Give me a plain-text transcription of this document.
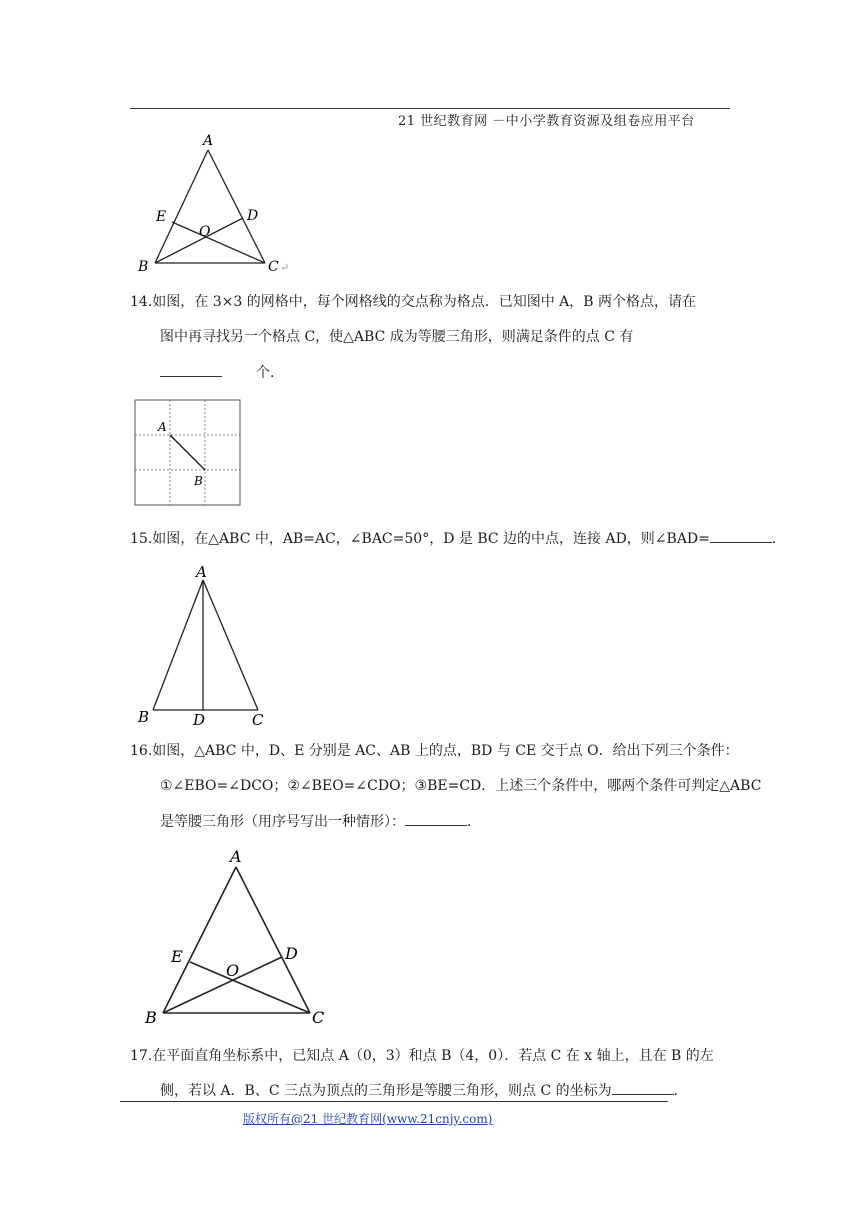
21 世纪教育网 －中小学教育资源及组卷应用平台
A
B	C
D
E
O
↵
14.如图，在 3×3 的网格中，每个网格线的交点称为格点．已知图中 A，B 两个格点，请在
图中再寻找另一个格点 C，使△ABC 成为等腰三角形，则满足条件的点 C 有
个．
A
B
15.如图，在△ABC 中，AB=AC，∠BAC=50°，D 是 BC 边的中点，连接 AD，则∠BAD=	．
A
B	D	C
16.如图，△ABC 中，D、E 分别是 AC、AB 上的点，BD 与 CE 交于点 O．给出下列三个条件：
①∠EBO=∠DCO；②∠BEO=∠CDO；③BE=CD．上述三个条件中，哪两个条件可判定△ABC
是等腰三角形（用序号写出一种情形）：	．
A
B	C
D
E
O
17.在平面直角坐标系中，已知点 A（0，3）和点 B（4，0）．若点 C 在 x 轴上，且在 B 的左
侧，若以 A．B、C 三点为顶点的三角形是等腰三角形，则点 C 的坐标为	．
版权所有@21 世纪教育网(www.21cnjy.com)
